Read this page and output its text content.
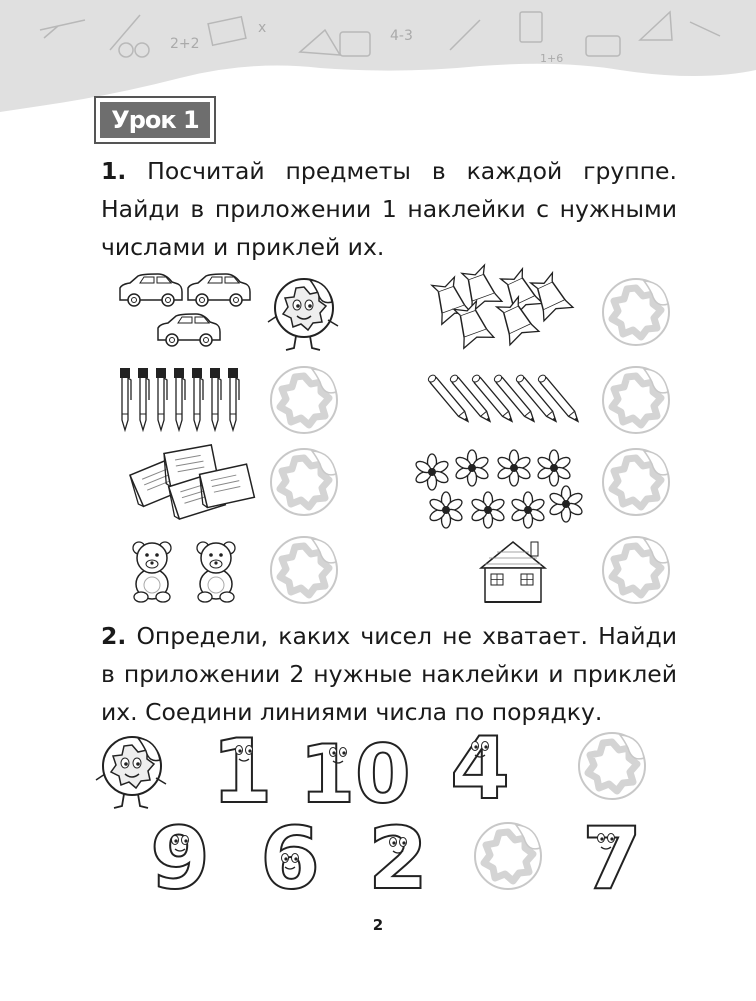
2+2
x	4-3
1+6
Урок 1
1. Посчитай предметы в каждой группе.
Найди в приложении 1 наклейки с нужными
числами и приклей их.
2. Определи, каких чисел не хватает. Найди
в приложении 2 нужные наклейки и приклей
их. Соедини линиями числа по порядку.
1 10 4
9 6 2 7
2
